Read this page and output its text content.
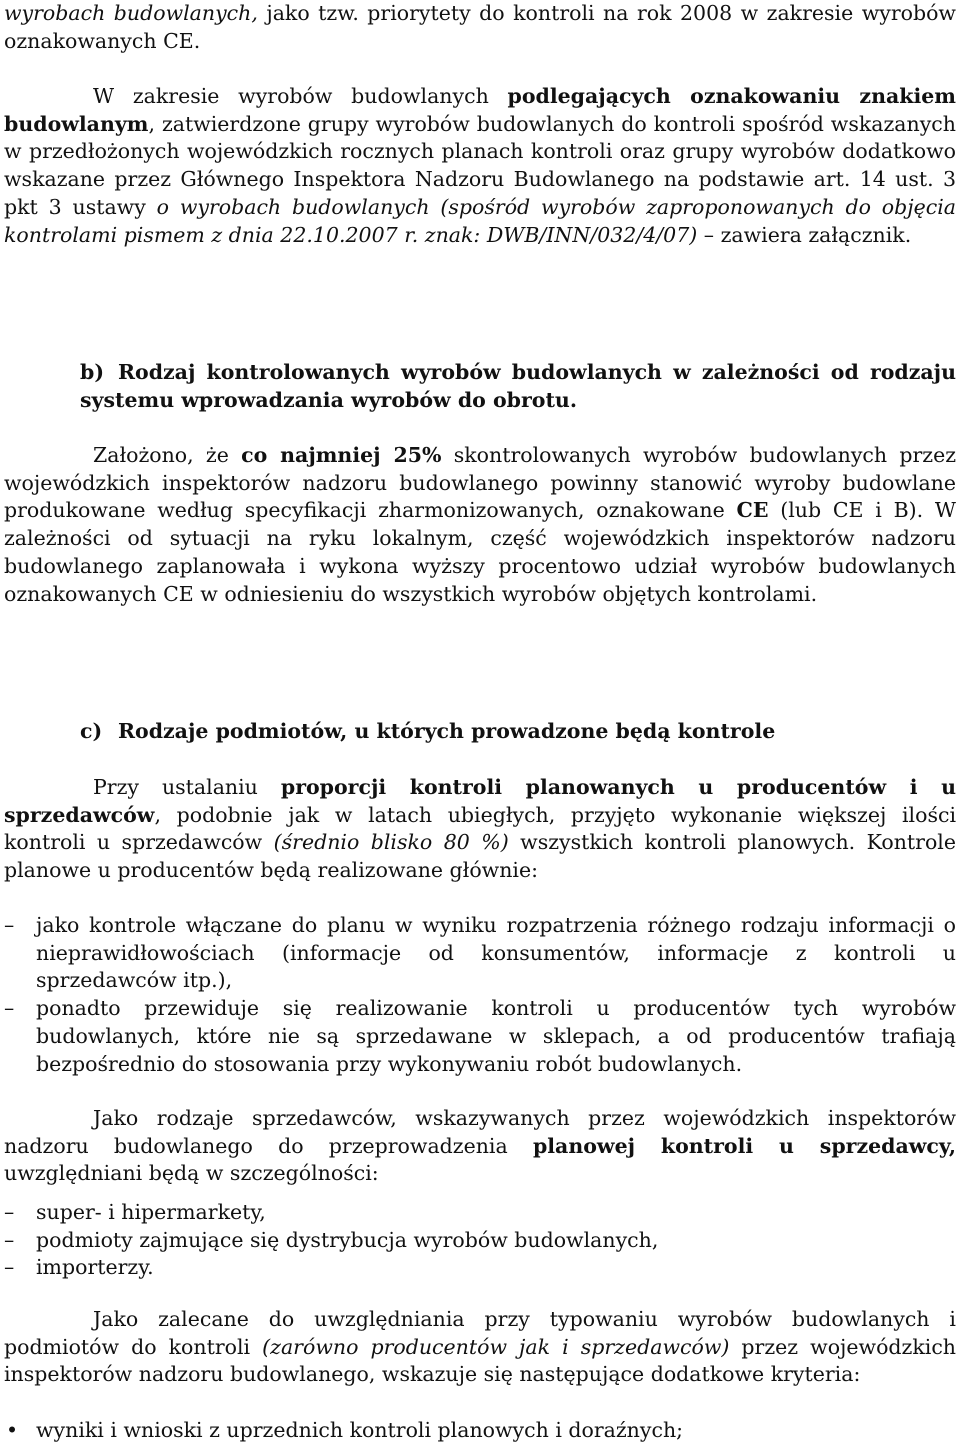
wyrobach budowlanych, jako tzw. priorytety do kontroli na rok 2008 w zakresie wyrobów oznakowanych CE.

W zakresie wyrobów budowlanych podlegających oznakowaniu znakiem budowlanym, zatwierdzone grupy wyrobów budowlanych do kontroli spośród wskazanych w przedłożonych wojewódzkich rocznych planach kontroli oraz grupy wyrobów dodatkowo wskazane przez Głównego Inspektora Nadzoru Budowlanego na podstawie art. 14 ust. 3 pkt 3 ustawy o wyrobach budowlanych (spośród wyrobów zaproponowanych do objęcia kontrolami pismem z dnia 22.10.2007 r. znak: DWB/INN/032/4/07) – zawiera załącznik.

b) Rodzaj kontrolowanych wyrobów budowlanych w zależności od rodzaju systemu wprowadzania wyrobów do obrotu.

Założono, że co najmniej 25% skontrolowanych wyrobów budowlanych przez wojewódzkich inspektorów nadzoru budowlanego powinny stanowić wyroby budowlane produkowane według specyfikacji zharmonizowanych, oznakowane CE (lub CE i B). W zależności od sytuacji na ryku lokalnym, część wojewódzkich inspektorów nadzoru budowlanego zaplanowała i wykona wyższy procentowo udział wyrobów budowlanych oznakowanych CE w odniesieniu do wszystkich wyrobów objętych kontrolami.

c) Rodzaje podmiotów, u których prowadzone będą kontrole

Przy ustalaniu proporcji kontroli planowanych u producentów i u sprzedawców, podobnie jak w latach ubiegłych, przyjęto wykonanie większej ilości kontroli u sprzedawców (średnio blisko 80 %) wszystkich kontroli planowych. Kontrole planowe u producentów będą realizowane głównie:

– jako kontrole włączane do planu w wyniku rozpatrzenia różnego rodzaju informacji o nieprawidłowościach (informacje od konsumentów, informacje z kontroli u sprzedawców itp.),
– ponadto przewiduje się realizowanie kontroli u producentów tych wyrobów budowlanych, które nie są sprzedawane w sklepach, a od producentów trafiają bezpośrednio do stosowania przy wykonywaniu robót budowlanych.

Jako rodzaje sprzedawców, wskazywanych przez wojewódzkich inspektorów nadzoru budowlanego do przeprowadzenia planowej kontroli u sprzedawcy, uwzględniani będą w szczególności:

– super- i hipermarkety,
– podmioty zajmujące się dystrybucja wyrobów budowlanych,
– importerzy.

Jako zalecane do uwzględniania przy typowaniu wyrobów budowlanych i podmiotów do kontroli (zarówno producentów jak i sprzedawców) przez wojewódzkich inspektorów nadzoru budowlanego, wskazuje się następujące dodatkowe kryteria:

• wyniki i wnioski z uprzednich kontroli planowych i doraźnych;
